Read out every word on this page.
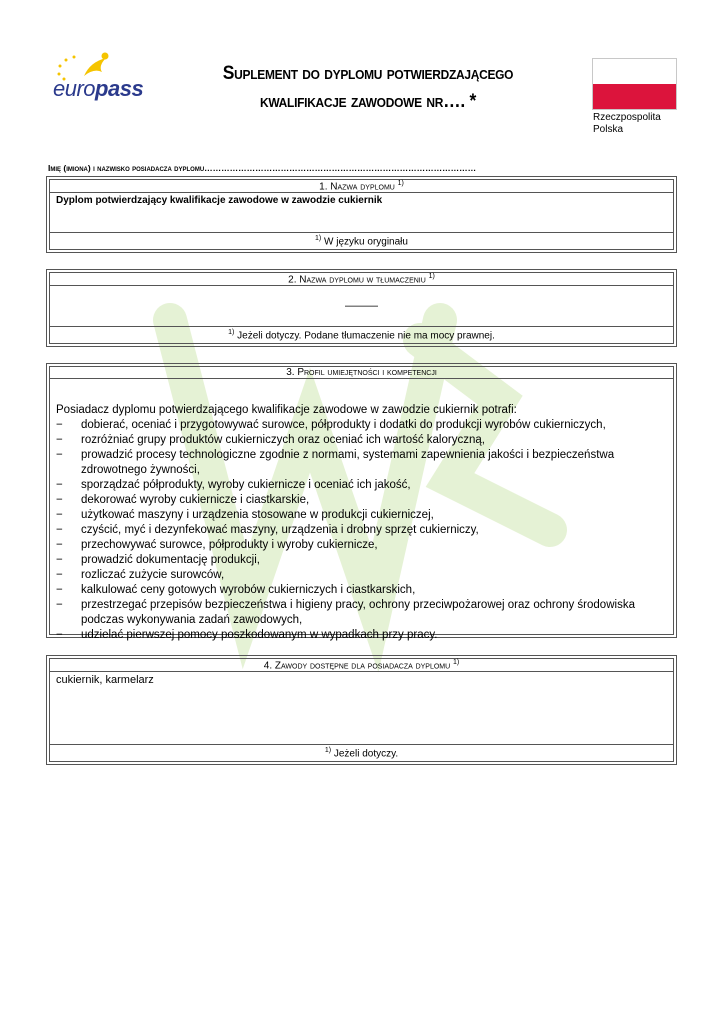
europass
Suplement do dyplomu potwierdzającego
kwalifikacje zawodowe nr…. *
Rzeczpospolita
Polska
Imię (imiona) i nazwisko posiadacza dyplomu……………………………………………………………………………………
1. Nazwa dyplomu $^{1)}$
Dyplom potwierdzający kwalifikacje zawodowe w zawodzie cukiernik
$^{1)}$ W języku oryginału
2. Nazwa dyplomu w tłumaczeniu $^{1)}$
———
$^{1)}$ Jeżeli dotyczy. Podane tłumaczenie nie ma mocy prawnej.
3. Profil umiejętności i kompetencji
Posiadacz dyplomu potwierdzającego kwalifikacje zawodowe w zawodzie cukiernik potrafi:
− dobierać, oceniać i przygotowywać surowce, półprodukty i dodatki do produkcji wyrobów cukierniczych,
− rozróżniać grupy produktów cukierniczych oraz oceniać ich wartość kaloryczną,
− prowadzić procesy technologiczne zgodnie z normami, systemami zapewnienia jakości i bezpieczeństwa zdrowotnego żywności,
− sporządzać półprodukty, wyroby cukiernicze i oceniać ich jakość,
− dekorować wyroby cukiernicze i ciastkarskie,
− użytkować maszyny i urządzenia stosowane w produkcji cukierniczej,
− czyścić, myć i dezynfekować maszyny, urządzenia i drobny sprzęt cukierniczy,
− przechowywać surowce, półprodukty i wyroby cukiernicze,
− prowadzić dokumentację produkcji,
− rozliczać zużycie surowców,
− kalkulować ceny gotowych wyrobów cukierniczych i ciastkarskich,
− przestrzegać przepisów bezpieczeństwa i higieny pracy, ochrony przeciwpożarowej oraz ochrony środowiska podczas wykonywania zadań zawodowych,
− udzielać pierwszej pomocy poszkodowanym w wypadkach przy pracy.
4. Zawody dostępne dla posiadacza dyplomu $^{1)}$
cukiernik, karmelarz
$^{1)}$ Jeżeli dotyczy.
